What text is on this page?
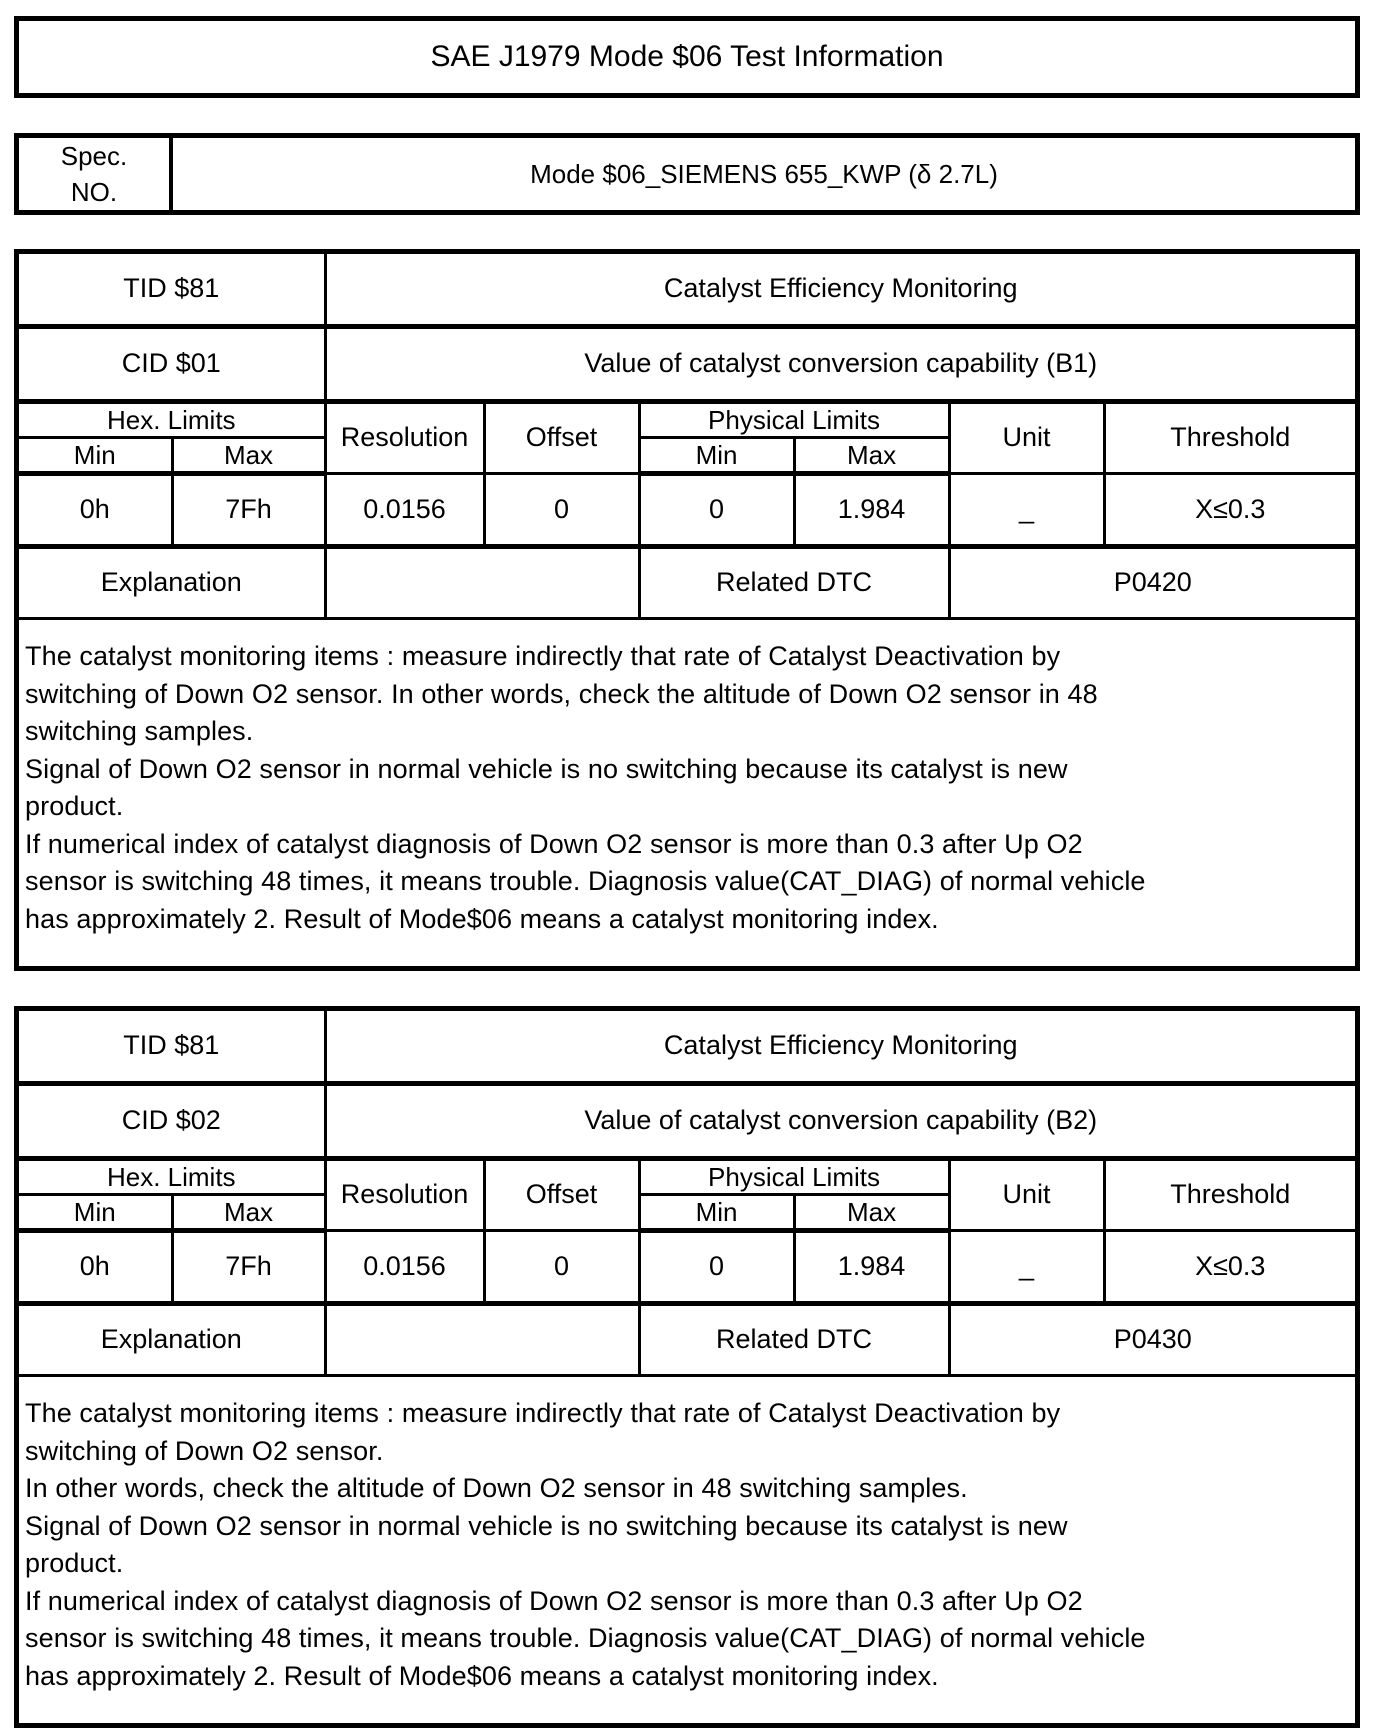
SAE J1979 Mode $06 Test Information
Spec.
NO.
Mode $06_SIEMENS 655_KWP (δ 2.7L)
TID $81		Catalyst Efficiency Monitoring					
CID $01		Value of catalyst conversion capability (B1)					
Hex. Limits		Resolution	Offset	Physical Limits		Unit	Threshold
Min	Max			Min	Max		
0h	7Fh	0.0156	0	0	1.984	_	X≤0.3
Explanation				Related DTC		P0420	
The catalyst monitoring items : measure indirectly that rate of Catalyst Deactivation by
switching of Down O2 sensor. In other words, check the altitude of Down O2 sensor in 48
switching samples.
Signal of Down O2 sensor in normal vehicle is no switching because its catalyst is new
product.
If numerical index of catalyst diagnosis of Down O2 sensor is more than 0.3 after Up O2
sensor is switching 48 times, it means trouble. Diagnosis value(CAT_DIAG) of normal vehicle
has approximately 2. Result of Mode$06 means a catalyst monitoring index.
TID $81		Catalyst Efficiency Monitoring					
CID $02		Value of catalyst conversion capability (B2)					
Hex. Limits		Resolution	Offset	Physical Limits		Unit	Threshold
Min	Max			Min	Max		
0h	7Fh	0.0156	0	0	1.984	_	X≤0.3
Explanation				Related DTC		P0430	
The catalyst monitoring items : measure indirectly that rate of Catalyst Deactivation by
switching of Down O2 sensor.
In other words, check the altitude of Down O2 sensor in 48 switching samples.
Signal of Down O2 sensor in normal vehicle is no switching because its catalyst is new
product.
If numerical index of catalyst diagnosis of Down O2 sensor is more than 0.3 after Up O2
sensor is switching 48 times, it means trouble. Diagnosis value(CAT_DIAG) of normal vehicle
has approximately 2. Result of Mode$06 means a catalyst monitoring index.
